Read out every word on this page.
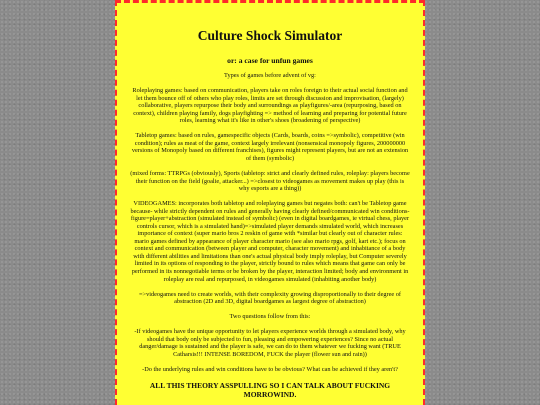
Culture Shock Simulator
or: a case for unfun games

Types of games before advent of vg:

Roleplaying games: based on communication, players take on roles foreign to their actual social function and let them bounce off of others who play roles, limits are set through discussion and improvisation, (largely) collaborative, players repurpose their body and surroundings as playfigures/-area (repurposing, based on context), children playing family, dogs playfighting => method of learning and preparing for potential future roles, learning what it's like in other's shoes (broadening of perspective)

Tabletop games: based on rules, gamespecific objects (Cards, boards, coins =>symbolic), competitive (win condition); rules as meat of the game, context largely irrelevant (nonsensical monopoly figures, 200000000 versions of Monopoly based on different franchises), figures might represent players, but are not an extension of them (symbolic)

(mixed forms: TTRPGs (obviously), Sports (tabletop: strict and clearly defined rules, roleplay: players become their function on the field (goalie, attacker...) =>closest to videogames as movement makes up play (this is why esports are a thing))

VIDEOGAMES: incorporates both tabletop and roleplaying games but negates both: can't be Tabletop game because- while strictly dependent on rules and generally having clearly defined/communicated win conditions- figure=player+abstraction (simulated instead of symbolic) (even in digital boardgames, ie virtual chess, player controls cursor, which is a simulated hand)=>simulated player demands simulated world, which increases importance of context (super mario bros 2 reskin of game with *similar but clearly out of character rules: mario games defined by appearance of player character mario (see also mario rpgs, golf, kart etc.); focus on context and communication (between player and computer, character movement) and inhabitance of a body with different abilities and limitations than one's actual physical body imply roleplay, but Computer severely limited in its options of responding to the player, strictly bound to rules which means that game can only be performed in its nonnegotiable terms or be broken by the player, interaction limited; body and environment in roleplay are real and repurposed, in videogames simulated (inhabiting another body)

=>videogames need to create worlds, with their complexity growing disproportionally to their degree of abstraction (2D and 3D, digital boardgames as largest degree of abstraction)

Two questions follow from this:

-If videogames have the unique opportunity to let players experience worlds through a simulated body, why should that body only be subjected to fun, pleasing and empowering experiences? Since no actual danger/damage is sustained and the player is safe, we can do to them whatever we fucking want (TRUE Catharsis!!! INTENSE BOREDOM, FUCK the player (flower sun and rain))

-Do the underlying rules and win conditions have to be obvious? What can be achieved if they aren't?

ALL THIS THEORY ASSPULLING SO I CAN TALK ABOUT FUCKING MORROWIND.
